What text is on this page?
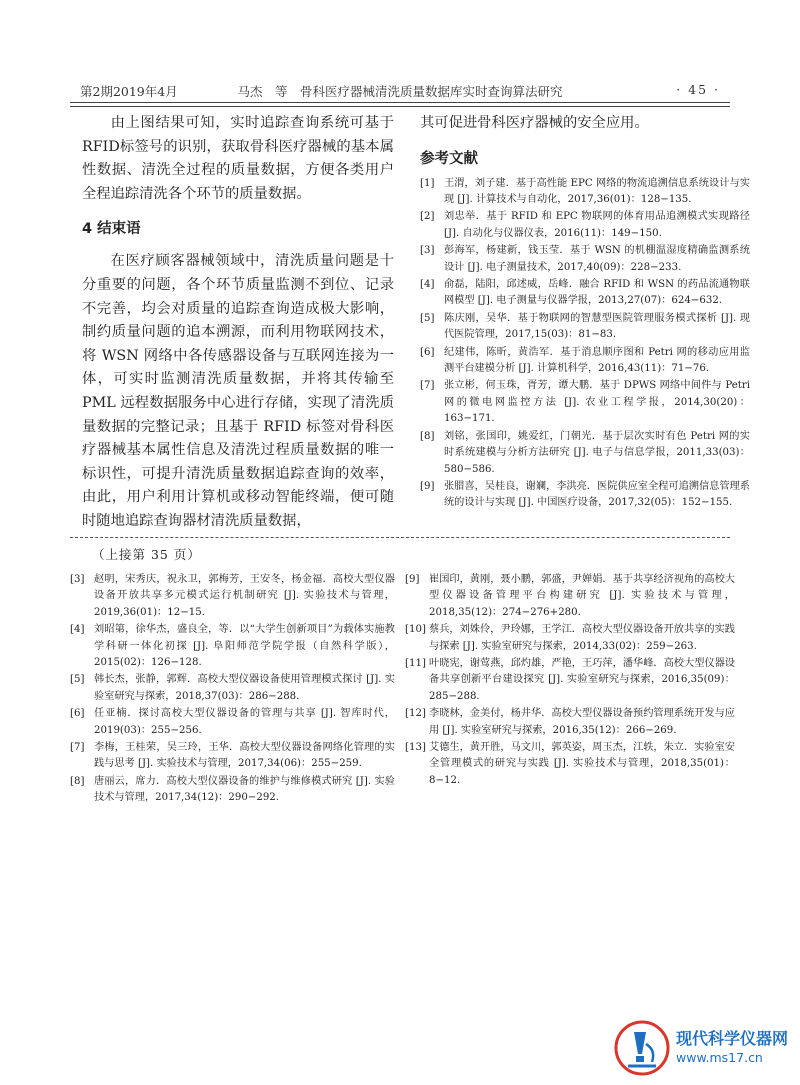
第2期2019年4月	马杰　等　骨科医疗器械清洗质量数据库实时查询算法研究	· 45 ·

由上图结果可知，实时追踪查询系统可基于RFID标签号的识别，获取骨科医疗器械的基本属性数据、清洗全过程的质量数据，方便各类用户全程追踪清洗各个环节的质量数据。

4 结束语

在医疗顾客器械领域中，清洗质量问题是十分重要的问题，各个环节质量监测不到位、记录不完善，均会对质量的追踪查询造成极大影响，制约质量问题的追本溯源，而利用物联网技术，将 WSN 网络中各传感器设备与互联网连接为一体，可实时监测清洗质量数据，并将其传输至 PML 远程数据服务中心进行存储，实现了清洗质量数据的完整记录；且基于 RFID 标签对骨科医疗器械基本属性信息及清洗过程质量数据的唯一标识性，可提升清洗质量数据追踪查询的效率，由此，用户利用计算机或移动智能终端，便可随时随地追踪查询器材清洗质量数据，

其可促进骨科医疗器械的安全应用。

参考文献
[1] 王渭，刘子建．基于高性能 EPC 网络的物流追溯信息系统设计与实现 [J]. 计算技术与自动化，2017,36(01)：128−135.
[2] 刘忠举．基于 RFID 和 EPC 物联网的体育用品追溯模式实现路径 [J]. 自动化与仪器仪表，2016(11)：149−150.
[3] 彭海军，杨建新，钱玉莹．基于 WSN 的机棚温湿度精确监测系统设计 [J]. 电子测量技术，2017,40(09)：228−233.
[4] 俞磊，陆阳，邱述威，岳峰．融合 RFID 和 WSN 的药品流通物联网模型 [J]. 电子测量与仪器学报，2013,27(07)：624−632.
[5] 陈庆刚，吴华．基于物联网的智慧型医院管理服务模式探析 [J]. 现代医院管理，2017,15(03)：81−83.
[6] 纪建伟，陈昕，黄浩军．基于消息顺序图和 Petri 网的移动应用监测平台建模分析 [J]. 计算机科学，2016,43(11)：71−76.
[7] 张立彬，何玉珠，胥芳，谭大鹏．基于 DPWS 网络中间件与 Petri 网的微电网监控方法 [J]. 农业工程学报，2014,30(20)：163−171.
[8] 刘铭，张国印，姚爱红，门朝光．基于层次实时有色 Petri 网的实时系统建模与分析方法研究 [J]. 电子与信息学报，2011,33(03)：580−586.
[9] 张腊喜，吴桂良，谢斓，李洪亮．医院供应室全程可追溯信息管理系统的设计与实现 [J]. 中国医疗设备，2017,32(05)：152−155.
（上接第 35 页）
[3] 赵明，宋秀庆，祝永卫，郭梅芳，王安冬，杨金福．高校大型仪器设备开放共享多元模式运行机制研究 [J]. 实验技术与管理，2019,36(01)：12−15.
[4] 刘昭第，徐华杰，盛良全，等．以“大学生创新项目”为载体实施教学科研一体化初探 [J]. 阜阳师范学院学报（自然科学版），2015(02)：126−128.
[5] 韩长杰，张静，郭辉．高校大型仪器设备使用管理模式探讨 [J]. 实验室研究与探索，2018,37(03)：286−288.
[6] 任亚楠．探讨高校大型仪器设备的管理与共享 [J]. 智库时代，2019(03)：255−256.
[7] 李梅，王桂荣，吴三玲，王华．高校大型仪器设备网络化管理的实践与思考 [J]. 实验技术与管理，2017,34(06)：255−259.
[8] 唐丽云，席力．高校大型仪器设备的维护与维修模式研究 [J]. 实验技术与管理，2017,34(12)：290−292.
[9] 崔国印，黄刚，聂小鹏，郭盛，尹婵娟．基于共享经济视角的高校大型仪器设备管理平台构建研究 [J]. 实验技术与管理，2018,35(12)：274−276+280.
[10] 蔡兵，刘姝伶，尹玲娜，王学江．高校大型仪器设备开放共享的实践与探索 [J]. 实验室研究与探索，2014,33(02)：259−263.
[11] 叶晓宪，谢莺燕，邱灼雄，严艳，王巧萍，潘华峰．高校大型仪器设备共享创新平台建设探究 [J]. 实验室研究与探索，2016,35(09)：285−288.
[12] 李晓林，金美付，杨井华．高校大型仪器设备预约管理系统开发与应用 [J]. 实验室研究与探索，2016,35(12)：266−269.
[13] 艾德生，黄开胜，马文川，郭英姿，周玉杰，江轶，朱立．实验室安全管理模式的研究与实践 [J]. 实验技术与管理，2018,35(01)：8−12.
现代科学仪器网
www.ms17.cn
